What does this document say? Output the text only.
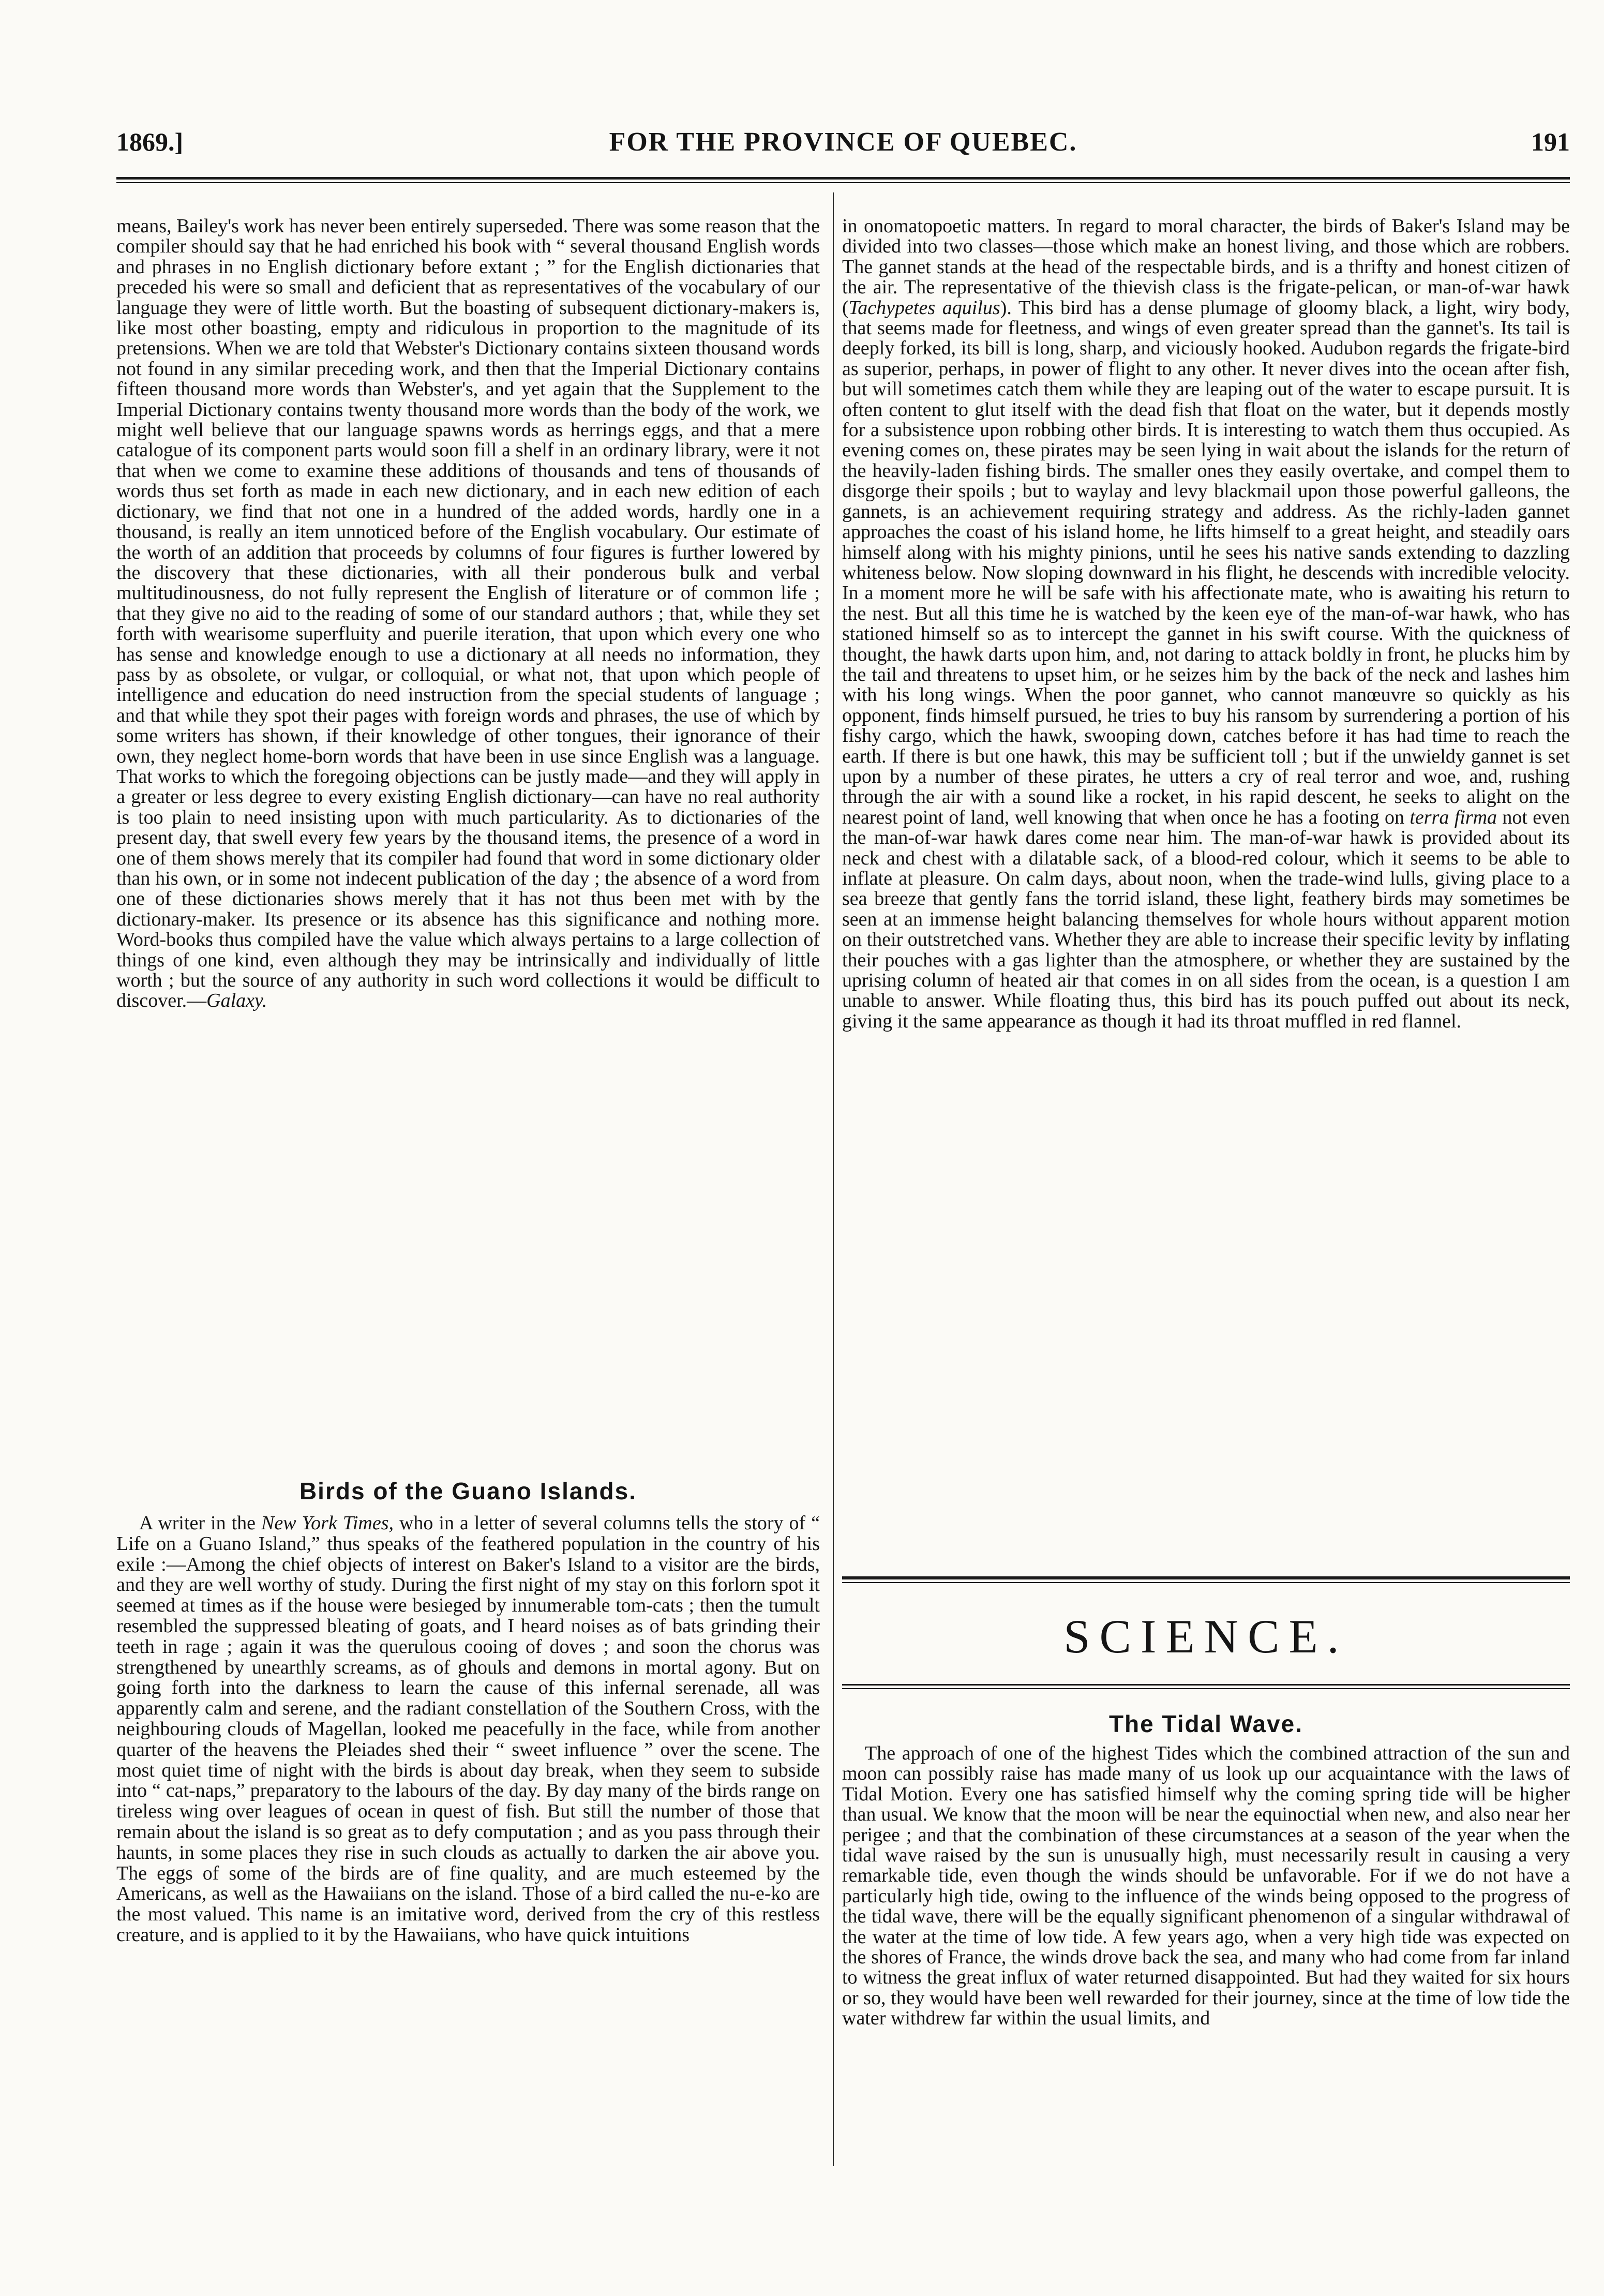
1869.]	FOR THE PROVINCE OF QUEBEC.	191

means, Bailey's work has never been entirely superseded. There was some reason that the compiler should say that he had enriched his book with “ several thousand English words and phrases in no English dictionary before extant ; ” for the English dictionaries that preceded his were so small and deficient that as representatives of the vocabulary of our language they were of little worth. But the boasting of subsequent dictionary-makers is, like most other boasting, empty and ridiculous in proportion to the magnitude of its pretensions. When we are told that Webster's Dictionary contains sixteen thousand words not found in any similar preceding work, and then that the Imperial Dictionary contains fifteen thousand more words than Webster's, and yet again that the Supplement to the Imperial Dictionary contains twenty thousand more words than the body of the work, we might well believe that our language spawns words as herrings eggs, and that a mere catalogue of its component parts would soon fill a shelf in an ordinary library, were it not that when we come to examine these additions of thousands and tens of thousands of words thus set forth as made in each new dictionary, and in each new edition of each dictionary, we find that not one in a hundred of the added words, hardly one in a thousand, is really an item unnoticed before of the English vocabulary. Our estimate of the worth of an addition that proceeds by columns of four figures is further lowered by the discovery that these dictionaries, with all their ponderous bulk and verbal multitudinousness, do not fully represent the English of literature or of common life ; that they give no aid to the reading of some of our standard authors ; that, while they set forth with wearisome superfluity and puerile iteration, that upon which every one who has sense and knowledge enough to use a dictionary at all needs no information, they pass by as obsolete, or vulgar, or colloquial, or what not, that upon which people of intelligence and education do need instruction from the special students of language ; and that while they spot their pages with foreign words and phrases, the use of which by some writers has shown, if their knowledge of other tongues, their ignorance of their own, they neglect home-born words that have been in use since English was a language. That works to which the foregoing objections can be justly made—and they will apply in a greater or less degree to every existing English dictionary—can have no real authority is too plain to need insisting upon with much particularity. As to dictionaries of the present day, that swell every few years by the thousand items, the presence of a word in one of them shows merely that its compiler had found that word in some dictionary older than his own, or in some not indecent publication of the day ; the absence of a word from one of these dictionaries shows merely that it has not thus been met with by the dictionary-maker. Its presence or its absence has this significance and nothing more. Word-books thus compiled have the value which always pertains to a large collection of things of one kind, even although they may be intrinsically and individually of little worth ; but the source of any authority in such word collections it would be difficult to discover.—Galaxy.

Birds of the Guano Islands.

A writer in the New York Times, who in a letter of several columns tells the story of “ Life on a Guano Island,” thus speaks of the feathered population in the country of his exile :—Among the chief objects of interest on Baker's Island to a visitor are the birds, and they are well worthy of study. During the first night of my stay on this forlorn spot it seemed at times as if the house were besieged by innumerable tom-cats ; then the tumult resembled the suppressed bleating of goats, and I heard noises as of bats grinding their teeth in rage ; again it was the querulous cooing of doves ; and soon the chorus was strengthened by unearthly screams, as of ghouls and demons in mortal agony. But on going forth into the darkness to learn the cause of this infernal serenade, all was apparently calm and serene, and the radiant constellation of the Southern Cross, with the neighbouring clouds of Magellan, looked me peacefully in the face, while from another quarter of the heavens the Pleiades shed their “ sweet influence ” over the scene. The most quiet time of night with the birds is about day break, when they seem to subside into “ cat-naps,” preparatory to the labours of the day. By day many of the birds range on tireless wing over leagues of ocean in quest of fish. But still the number of those that remain about the island is so great as to defy computation ; and as you pass through their haunts, in some places they rise in such clouds as actually to darken the air above you. The eggs of some of the birds are of fine quality, and are much esteemed by the Americans, as well as the Hawaiians on the island. Those of a bird called the nu-e-ko are the most valued. This name is an imitative word, derived from the cry of this restless creature, and is applied to it by the Hawaiians, who have quick intuitions

in onomatopoetic matters. In regard to moral character, the birds of Baker's Island may be divided into two classes—those which make an honest living, and those which are robbers. The gannet stands at the head of the respectable birds, and is a thrifty and honest citizen of the air. The representative of the thievish class is the frigate-pelican, or man-of-war hawk (Tachypetes aquilus). This bird has a dense plumage of gloomy black, a light, wiry body, that seems made for fleetness, and wings of even greater spread than the gannet's. Its tail is deeply forked, its bill is long, sharp, and viciously hooked. Audubon regards the frigate-bird as superior, perhaps, in power of flight to any other. It never dives into the ocean after fish, but will sometimes catch them while they are leaping out of the water to escape pursuit. It is often content to glut itself with the dead fish that float on the water, but it depends mostly for a subsistence upon robbing other birds. It is interesting to watch them thus occupied. As evening comes on, these pirates may be seen lying in wait about the islands for the return of the heavily-laden fishing birds. The smaller ones they easily overtake, and compel them to disgorge their spoils ; but to waylay and levy blackmail upon those powerful galleons, the gannets, is an achievement requiring strategy and address. As the richly-laden gannet approaches the coast of his island home, he lifts himself to a great height, and steadily oars himself along with his mighty pinions, until he sees his native sands extending to dazzling whiteness below. Now sloping downward in his flight, he descends with incredible velocity. In a moment more he will be safe with his affectionate mate, who is awaiting his return to the nest. But all this time he is watched by the keen eye of the man-of-war hawk, who has stationed himself so as to intercept the gannet in his swift course. With the quickness of thought, the hawk darts upon him, and, not daring to attack boldly in front, he plucks him by the tail and threatens to upset him, or he seizes him by the back of the neck and lashes him with his long wings. When the poor gannet, who cannot manœuvre so quickly as his opponent, finds himself pursued, he tries to buy his ransom by surrendering a portion of his fishy cargo, which the hawk, swooping down, catches before it has had time to reach the earth. If there is but one hawk, this may be sufficient toll ; but if the unwieldy gannet is set upon by a number of these pirates, he utters a cry of real terror and woe, and, rushing through the air with a sound like a rocket, in his rapid descent, he seeks to alight on the nearest point of land, well knowing that when once he has a footing on terra firma not even the man-of-war hawk dares come near him. The man-of-war hawk is provided about its neck and chest with a dilatable sack, of a blood-red colour, which it seems to be able to inflate at pleasure. On calm days, about noon, when the trade-wind lulls, giving place to a sea breeze that gently fans the torrid island, these light, feathery birds may sometimes be seen at an immense height balancing themselves for whole hours without apparent motion on their outstretched vans. Whether they are able to increase their specific levity by inflating their pouches with a gas lighter than the atmosphere, or whether they are sustained by the uprising column of heated air that comes in on all sides from the ocean, is a question I am unable to answer. While floating thus, this bird has its pouch puffed out about its neck, giving it the same appearance as though it had its throat muffled in red flannel.

SCIENCE.
The Tidal Wave.

The approach of one of the highest Tides which the combined attraction of the sun and moon can possibly raise has made many of us look up our acquaintance with the laws of Tidal Motion. Every one has satisfied himself why the coming spring tide will be higher than usual. We know that the moon will be near the equinoctial when new, and also near her perigee ; and that the combination of these circumstances at a season of the year when the tidal wave raised by the sun is unusually high, must necessarily result in causing a very remarkable tide, even though the winds should be unfavorable. For if we do not have a particularly high tide, owing to the influence of the winds being opposed to the progress of the tidal wave, there will be the equally significant phenomenon of a singular withdrawal of the water at the time of low tide. A few years ago, when a very high tide was expected on the shores of France, the winds drove back the sea, and many who had come from far inland to witness the great influx of water returned disappointed. But had they waited for six hours or so, they would have been well rewarded for their journey, since at the time of low tide the water withdrew far within the usual limits, and
